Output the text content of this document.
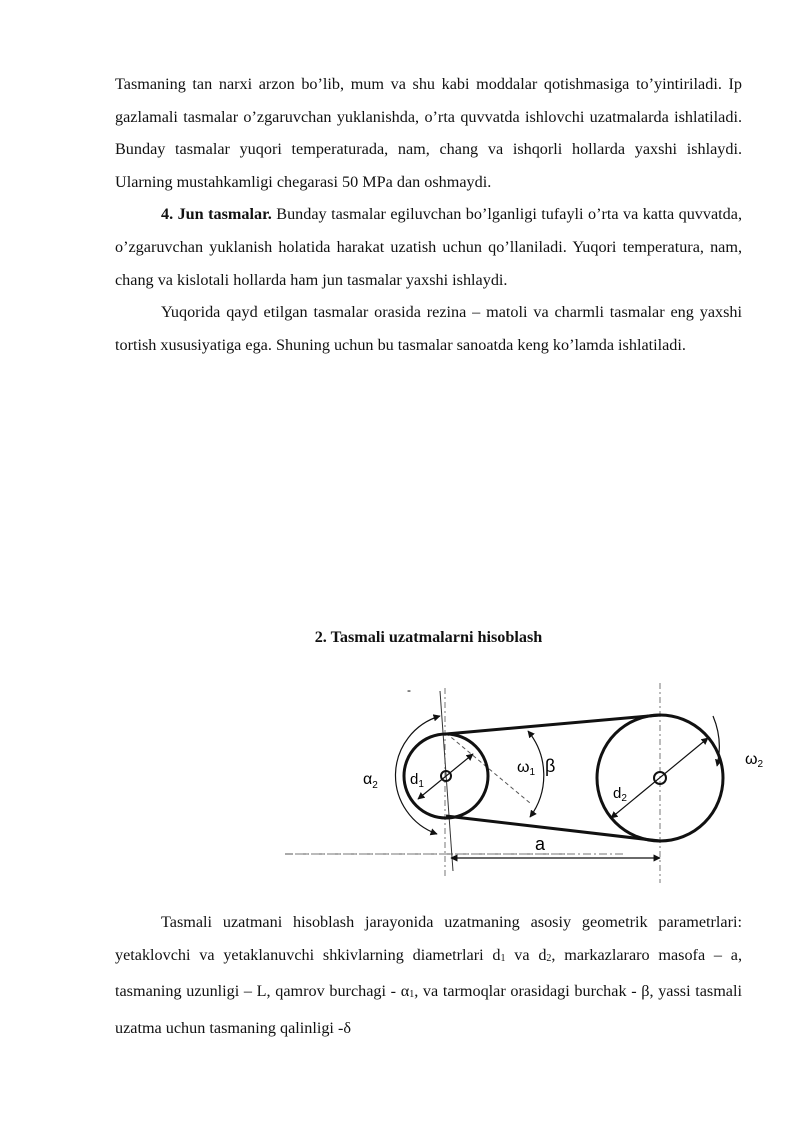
Tasmaning tan narxi arzon bo’lib, mum va shu kabi moddalar qotishmasiga to’yintiriladi. Ip gazlamali tasmalar o’zgaruvchan yuklanishda, o’rta quvvatda ishlovchi uzatmalarda ishlatiladi. Bunday tasmalar yuqori temperaturada, nam, chang va ishqorli hollarda yaxshi ishlaydi. Ularning mustahkamligi chegarasi 50 MPa dan oshmaydi.

4. Jun tasmalar. Bunday tasmalar egiluvchan bo’lganligi tufayli o’rta va katta quvvatda, o’zgaruvchan yuklanish holatida harakat uzatish uchun qo’llaniladi. Yuqori temperatura, nam, chang va kislotali hollarda ham jun tasmalar yaxshi ishlaydi.

Yuqorida qayd etilgan tasmalar orasida rezina – matoli va charmli tasmalar eng yaxshi tortish xususiyatiga ega. Shuning uchun bu tasmalar sanoatda keng ko’lamda ishlatiladi.

2. Tasmali uzatmalarni hisoblash
$\alpha_2$ $d_1$
ω1 β
$d_2$
ω2
a
-

Tasmali uzatmani hisoblash jarayonida uzatmaning asosiy geometrik parametrlari: yetaklovchi va yetaklanuvchi shkivlarning diametrlari $d_1$ va $d_2$, markazlararo masofa – a, tasmaning uzunligi – L, qamrov burchagi - $\alpha_1$, va tarmoqlar orasidagi burchak - β, yassi tasmali uzatma uchun tasmaning qalinligi -δ
